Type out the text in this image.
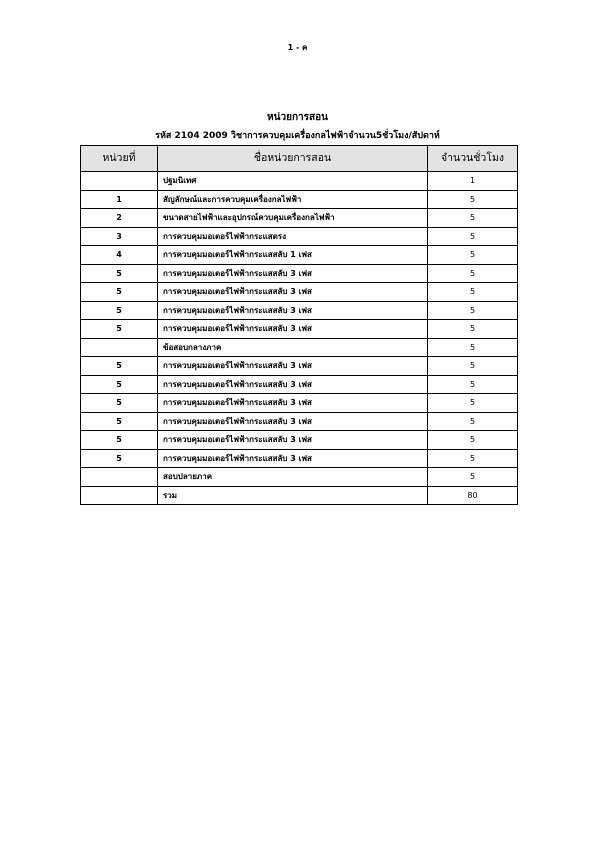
1 - ค
หน่วยการสอน
รหัส 2104 2009 วิชาการควบคุมเครื่องกลไฟฟ้าจำนวน5ชั่วโมง/สัปดาห์
หน่วยที่	ชื่อหน่วยการสอน	จำนวนชั่วโมง
	ปฐมนิเทศ	1
1	สัญลักษณ์และการควบคุมเครื่องกลไฟฟ้า	5
2	ขนาดสายไฟฟ้าและอุปกรณ์ควบคุมเครื่องกลไฟฟ้า	5
3	การควบคุมมอเตอร์ไฟฟ้ากระแสตรง	5
4	การควบคุมมอเตอร์ไฟฟ้ากระแสสลับ 1 เฟส	5
5	การควบคุมมอเตอร์ไฟฟ้ากระแสสลับ 3 เฟส	5
5	การควบคุมมอเตอร์ไฟฟ้ากระแสสลับ 3 เฟส	5
5	การควบคุมมอเตอร์ไฟฟ้ากระแสสลับ 3 เฟส	5
5	การควบคุมมอเตอร์ไฟฟ้ากระแสสลับ 3 เฟส	5
	ข้อสอบกลางภาค	5
5	การควบคุมมอเตอร์ไฟฟ้ากระแสสลับ 3 เฟส	5
5	การควบคุมมอเตอร์ไฟฟ้ากระแสสลับ 3 เฟส	5
5	การควบคุมมอเตอร์ไฟฟ้ากระแสสลับ 3 เฟส	5
5	การควบคุมมอเตอร์ไฟฟ้ากระแสสลับ 3 เฟส	5
5	การควบคุมมอเตอร์ไฟฟ้ากระแสสลับ 3 เฟส	5
5	การควบคุมมอเตอร์ไฟฟ้ากระแสสลับ 3 เฟส	5
	สอบปลายภาค	5
	รวม	80
